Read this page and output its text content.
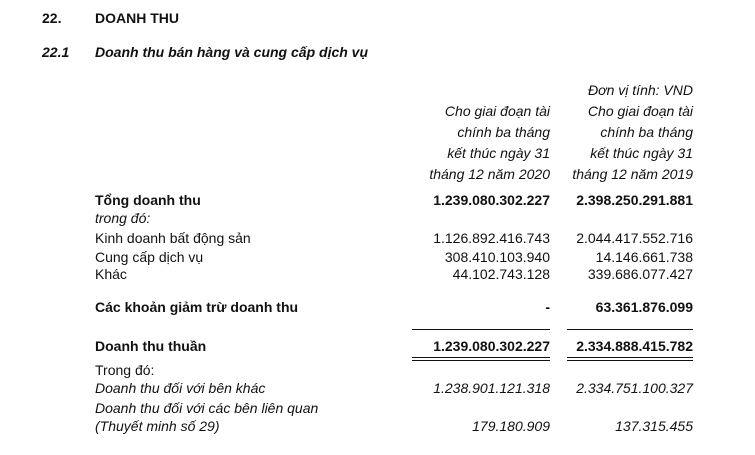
22. DOANH THU
22.1 Doanh thu bán hàng và cung cấp dịch vụ
Đơn vị tính: VND
Cho giai đoạn tài
chính ba tháng
kết thúc ngày 31
tháng 12 năm 2020
Cho giai đoạn tài
chính ba tháng
kết thúc ngày 31
tháng 12 năm 2019
Tổng doanh thu	1.239.080.302.227 2.398.250.291.881
trong đó:
Kinh doanh bất động sản	1.126.892.416.743 2.044.417.552.716
Cung cấp dịch vụ	308.410.103.940	14.146.661.738
Khác	44.102.743.128	339.686.077.427
Các khoản giảm trừ doanh thu	-	63.361.876.099
Doanh thu thuần	1.239.080.302.227 2.334.888.415.782
Trong đó:
Doanh thu đối với bên khác	1.238.901.121.318 2.334.751.100.327
Doanh thu đối với các bên liên quan
(Thuyết minh số 29)	179.180.909	137.315.455
